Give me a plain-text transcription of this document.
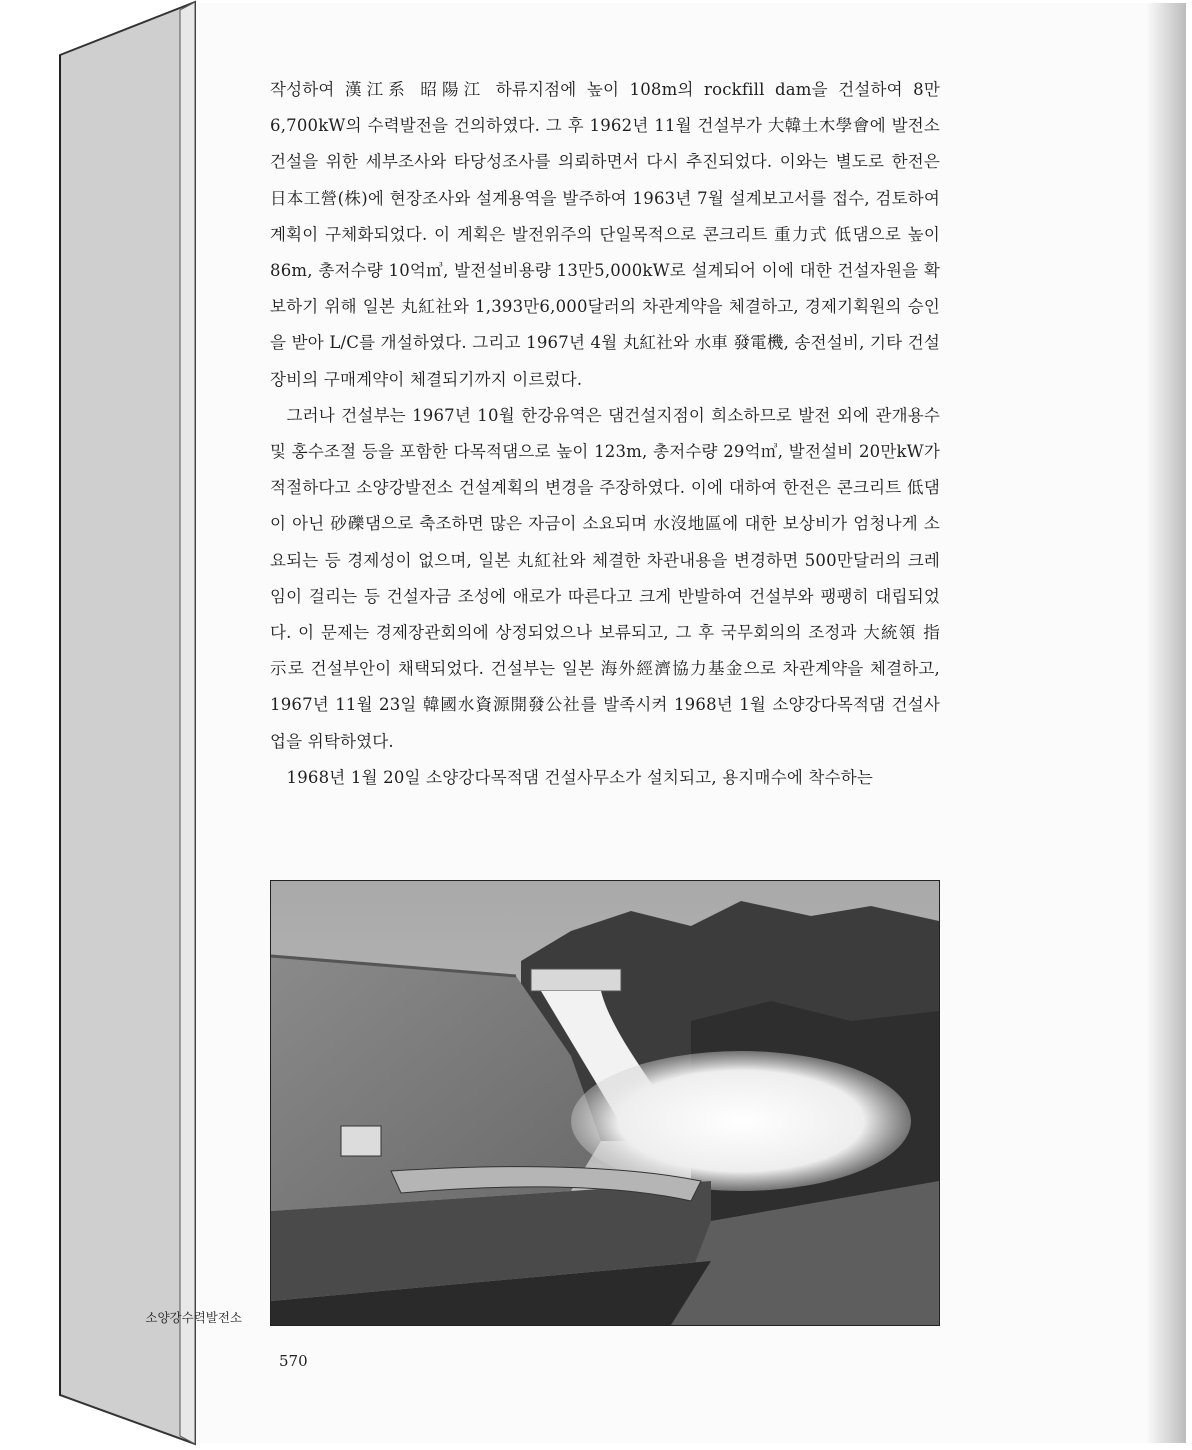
작성하여 漢江系 昭陽江 하류지점에 높이 108m의 rockfill dam을 건설하여 8만 6,700kW의 수력발전을 건의하였다. 그 후 1962년 11월 건설부가 大韓土木學會에 발전소건설을 위한 세부조사와 타당성조사를 의뢰하면서 다시 추진되었다. 이와는 별도로 한전은 日本工營(株)에 현장조사와 설계용역을 발주하여 1963년 7월 설계보고서를 접수, 검토하여 계획이 구체화되었다. 이 계획은 발전위주의 단일목적으로 콘크리트 重力式 低댐으로 높이 86m, 총저수량 10억㎥, 발전설비용량 13만5,000kW로 설계되어 이에 대한 건설자원을 확보하기 위해 일본 丸紅社와 1,393만6,000달러의 차관계약을 체결하고, 경제기획원의 승인을 받아 L/C를 개설하였다. 그리고 1967년 4월 丸紅社와 水車 發電機, 송전설비, 기타 건설장비의 구매계약이 체결되기까지 이르렀다.

그러나 건설부는 1967년 10월 한강유역은 댐건설지점이 희소하므로 발전 외에 관개용수 및 홍수조절 등을 포함한 다목적댐으로 높이 123m, 총저수량 29억㎥, 발전설비 20만kW가 적절하다고 소양강발전소 건설계획의 변경을 주장하였다. 이에 대하여 한전은 콘크리트 低댐이 아닌 砂礫댐으로 축조하면 많은 자금이 소요되며 水沒地區에 대한 보상비가 엄청나게 소요되는 등 경제성이 없으며, 일본 丸紅社와 체결한 차관내용을 변경하면 500만달러의 크레임이 걸리는 등 건설자금 조성에 애로가 따른다고 크게 반발하여 건설부와 팽팽히 대립되었다. 이 문제는 경제장관회의에 상정되었으나 보류되고, 그 후 국무회의의 조정과 大統領 指示로 건설부안이 채택되었다. 건설부는 일본 海外經濟協力基金으로 차관계약을 체결하고, 1967년 11월 23일 韓國水資源開發公社를 발족시켜 1968년 1월 소양강다목적댐 건설사업을 위탁하였다.

1968년 1월 20일 소양강다목적댐 건설사무소가 설치되고, 용지매수에 착수하는

소양강수력발전소
570
